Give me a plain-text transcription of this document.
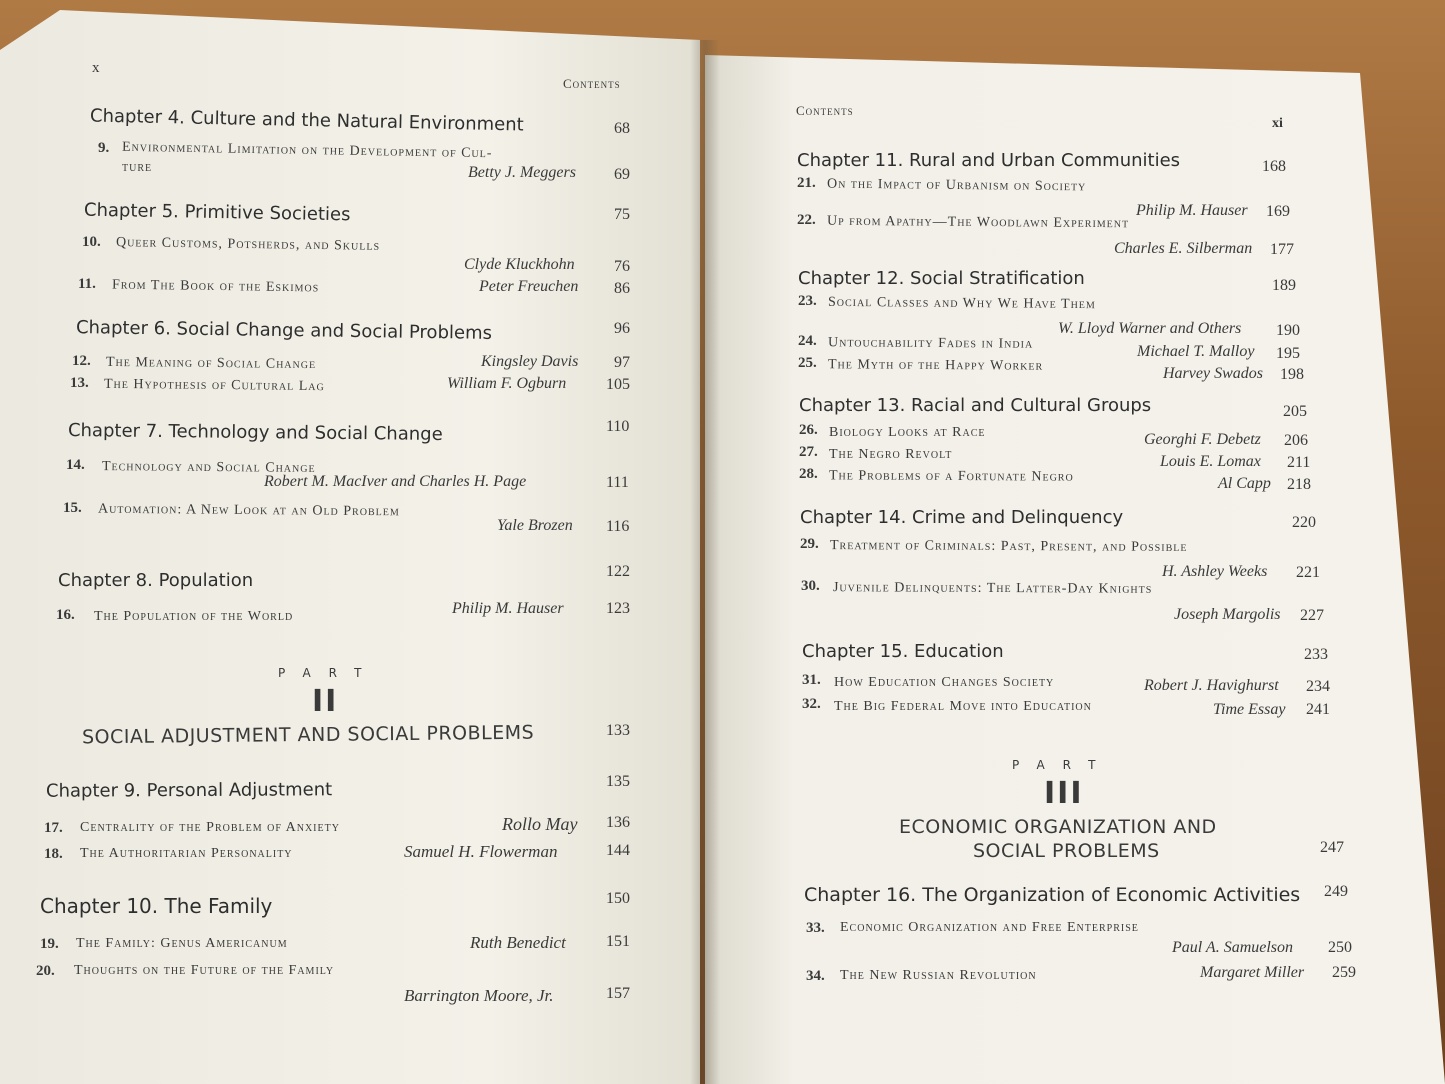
x
Contents
Chapter 4. Culture and the Natural Environment	68
9. Environmental Limitation on the Development of Cul-
ture	Betty J. Meggers 69
Chapter 5. Primitive Societies	75
10. Queer Customs, Potsherds, and Skulls
Clyde Kluckhohn 76
11. From The Book of the Eskimos	Peter Freuchen 86
Chapter 6. Social Change and Social Problems	96
12. The Meaning of Social Change	Kingsley Davis 97
13. The Hypothesis of Cultural Lag	William F. Ogburn 105
Chapter 7. Technology and Social Change	110
14. Technology and Social Change
Robert M. MacIver and Charles H. Page	111
15. Automation: A New Look at an Old Problem
Yale Brozen 116
Chapter 8. Population	122
16. The Population of the World	Philip M. Hauser	123
PART
II
SOCIAL ADJUSTMENT AND SOCIAL PROBLEMS	133
Chapter 9. Personal Adjustment	135
17. Centrality of the Problem of Anxiety	Rollo May 136
18. The Authoritarian Personality	Samuel H. Flowerman	144
Chapter 10. The Family	150
19. The Family: Genus Americanum	Ruth Benedict	151
20. Thoughts on the Future of the Family
Barrington Moore, Jr.	157
Contents
xi
Chapter 11. Rural and Urban Communities	168
21. On the Impact of Urbanism on Society
Philip M. Hauser 169
22. Up from Apathy—The Woodlawn Experiment
Charles E. Silberman 177
Chapter 12. Social Stratification	189
23. Social Classes and Why We Have Them
W. Lloyd Warner and Others 190
24. Untouchability Fades in India	Michael T. Malloy 195
25. The Myth of the Happy Worker	Harvey Swados 198
Chapter 13. Racial and Cultural Groups	205
26. Biology Looks at Race	Georghi F. Debetz 206
27. The Negro Revolt	Louis E. Lomax 211
28. The Problems of a Fortunate Negro	Al Capp 218
Chapter 14. Crime and Delinquency	220
29. Treatment of Criminals: Past, Present, and Possible
H. Ashley Weeks 221
30. Juvenile Delinquents: The Latter-Day Knights
Joseph Margolis 227
Chapter 15. Education	233
31. How Education Changes Society	Robert J. Havighurst 234
32. The Big Federal Move into Education	Time Essay 241
PART
III
ECONOMIC ORGANIZATION AND
SOCIAL PROBLEMS	247
Chapter 16. The Organization of Economic Activities 249
33. Economic Organization and Free Enterprise
Paul A. Samuelson 250
34. The New Russian Revolution	Margaret Miller 259
